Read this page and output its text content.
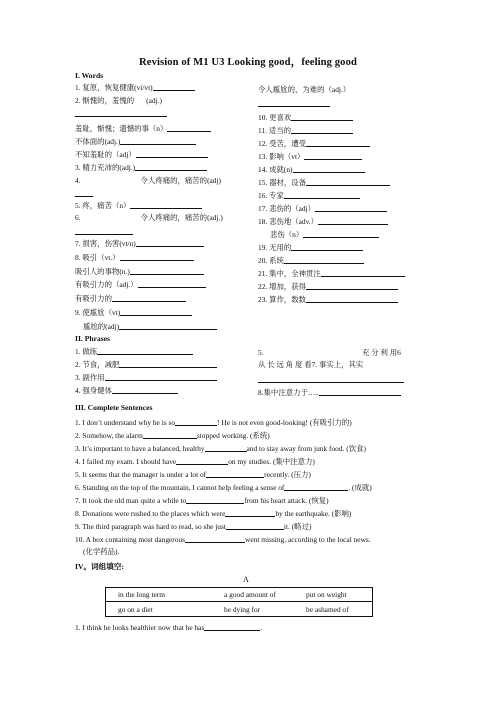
Revision of M1 U3 Looking good，feeling good
I. Words
1. 复原，恢复健康(vi/vt)
2. 惭愧的，羞愧的 (adj.)
羞耻，惭愧；遗憾的事（n）
不体面的(adj.)
不知羞耻的（adj）
3. 精力充沛的(adj.)
4.	令人疼痛的，痛苦的(adj)
5. 疼，痛苦（n）
6.	令人疼痛的，痛苦的(adj.)
7. 损害，伤害(vt/n)
8. 吸引（vt.）
吸引人的事物(n.)
有吸引力的（adj.）
有吸引力的
9. 使尴尬（vt)
尴尬的(adj)
令人尴尬的，为难的（adj.）
10. 更喜欢
11. 适当的
12. 受苦，遭受
13. 影响（vt）
14. 成就(n)
15. 器材，设备
16. 专家
17. 悲伤的（adj）
18. 悲伤地（adv.）
悲伤（n）
19. 无用的
20. 系统
21. 集中，全神贯注
22. 增加，获得
23. 算作，数数
II. Phrases
1. 做练
2. 节食，减肥
3. 副作用
4. 强身健体
5.	充 分 利 用6
从 长 远 角 度 看7. 事实上，其实
8.集中注意力于…..
III. Complete Sentences
1. I don’t understand why he is so	! He is not even good-looking! (有吸引力的)
2. Somehow, the alarm	stopped working. (系统)
3. It’s important to have a balanced, healthy	and to stay away from junk food. (饮食)
4. I failed my exam. I should have	on my studies. (集中注意力)
5. It seems that the manager is under a lot of	recently. (压力)
6. Standing on the top of the mountain, I cannot help feeling a sense of	. (成就)
7. It took the old man quite a while to	from his heart attack. (恢复)
8. Donations were rushed to the places which were	by the earthquake. (影响)
9. The third paragraph was hard to read, so she just	it. (略过)
10. A box containing most dangerous	went missing, according to the local news.
(化学药品).
IV。词组填空:
A
in the long term	a good amount of	put on weight
go on a diet	be dying for	be ashamed of
1. I think he looks healthier now that he has	.
